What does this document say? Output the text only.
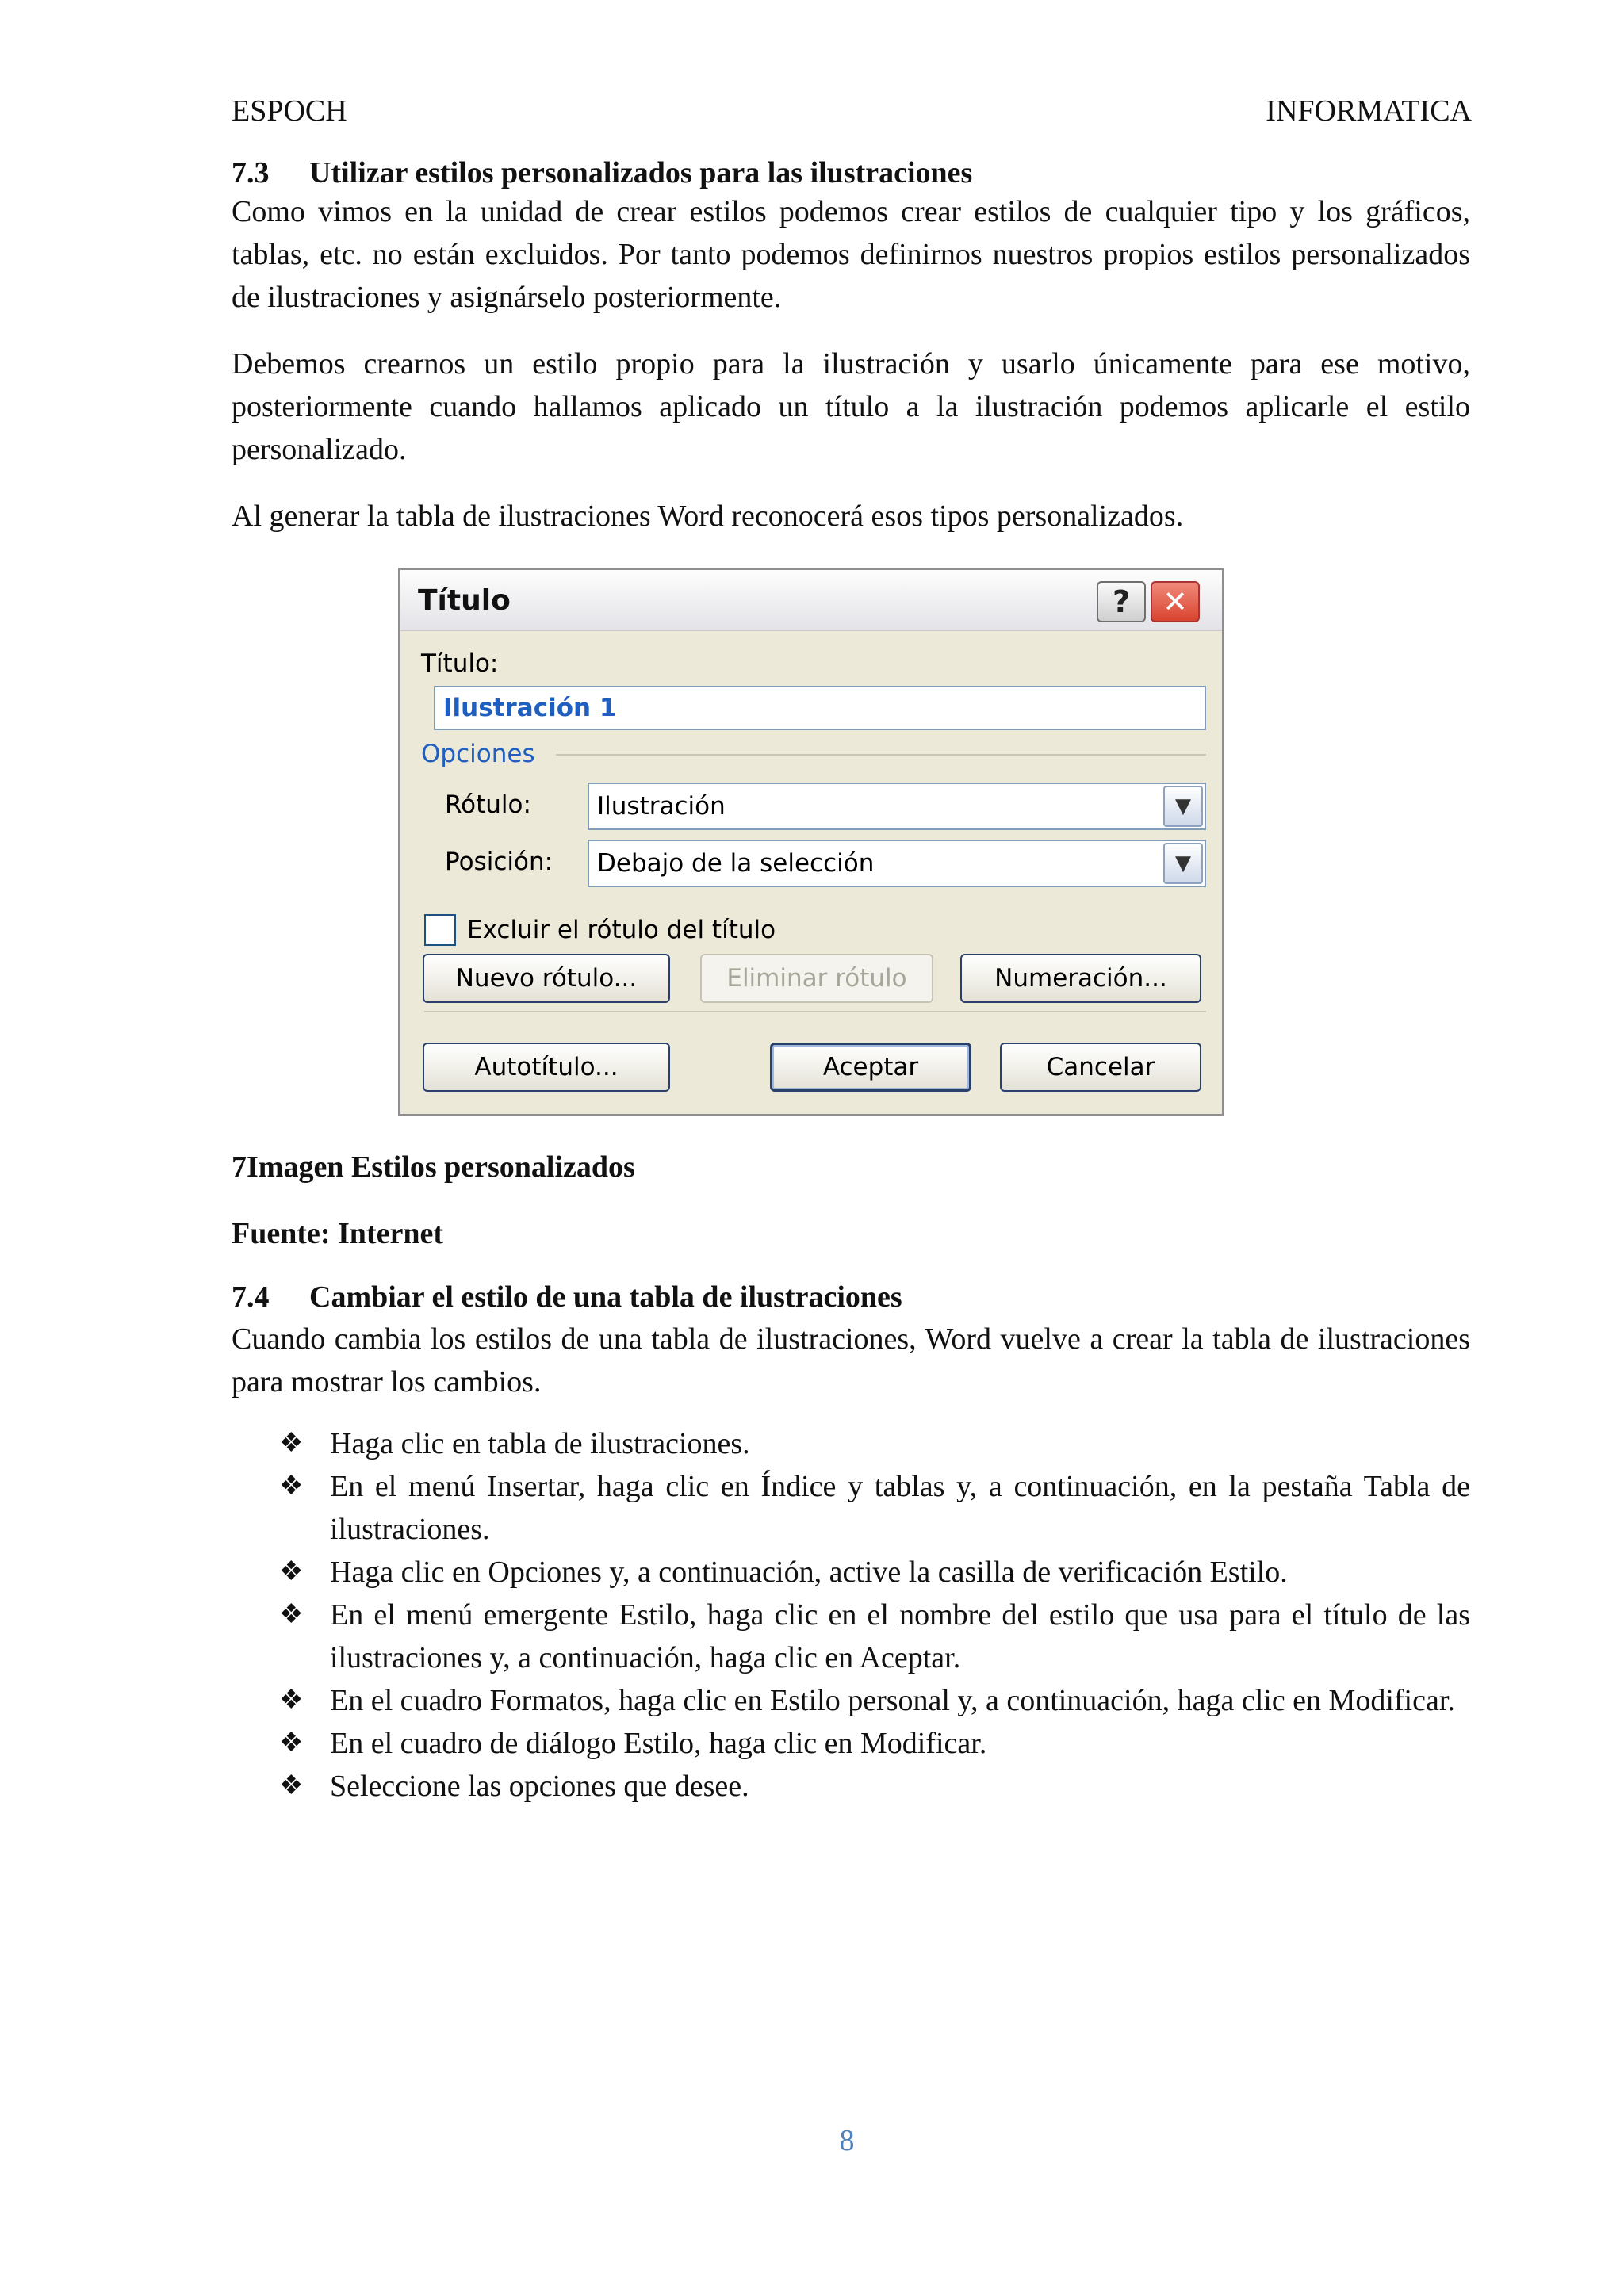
ESPOCH	INFORMATICA
7.3 Utilizar estilos personalizados para las ilustraciones

Como vimos en la unidad de crear estilos podemos crear estilos de cualquier tipo y los gráficos, tablas, etc. no están excluidos. Por tanto podemos definirnos nuestros propios estilos personalizados de ilustraciones y asignárselo posteriormente.

Debemos crearnos un estilo propio para la ilustración y usarlo únicamente para ese motivo, posteriormente cuando hallamos aplicado un título a la ilustración podemos aplicarle el estilo personalizado.

Al generar la tabla de ilustraciones Word reconocerá esos tipos personalizados.

Título	?	✕
Título:
Ilustración 1
Opciones
Rótulo:	Ilustración	▼
Posición:	Debajo de la selección	▼
Excluir el rótulo del título
Nuevo rótulo...	Eliminar rótulo	Numeración...
Autotítulo...	Aceptar	Cancelar
7Imagen Estilos personalizados
Fuente: Internet
7.4 Cambiar el estilo de una tabla de ilustraciones

Cuando cambia los estilos de una tabla de ilustraciones, Word vuelve a crear la tabla de ilustraciones para mostrar los cambios.

❖ Haga clic en tabla de ilustraciones.
❖ En el menú Insertar, haga clic en Índice y tablas y, a continuación, en la pestaña Tabla de ilustraciones.
❖ Haga clic en Opciones y, a continuación, active la casilla de verificación Estilo.
❖ En el menú emergente Estilo, haga clic en el nombre del estilo que usa para el título de las ilustraciones y, a continuación, haga clic en Aceptar.
❖ En el cuadro Formatos, haga clic en Estilo personal y, a continuación, haga clic en Modificar.
❖ En el cuadro de diálogo Estilo, haga clic en Modificar.
❖ Seleccione las opciones que desee.
8
